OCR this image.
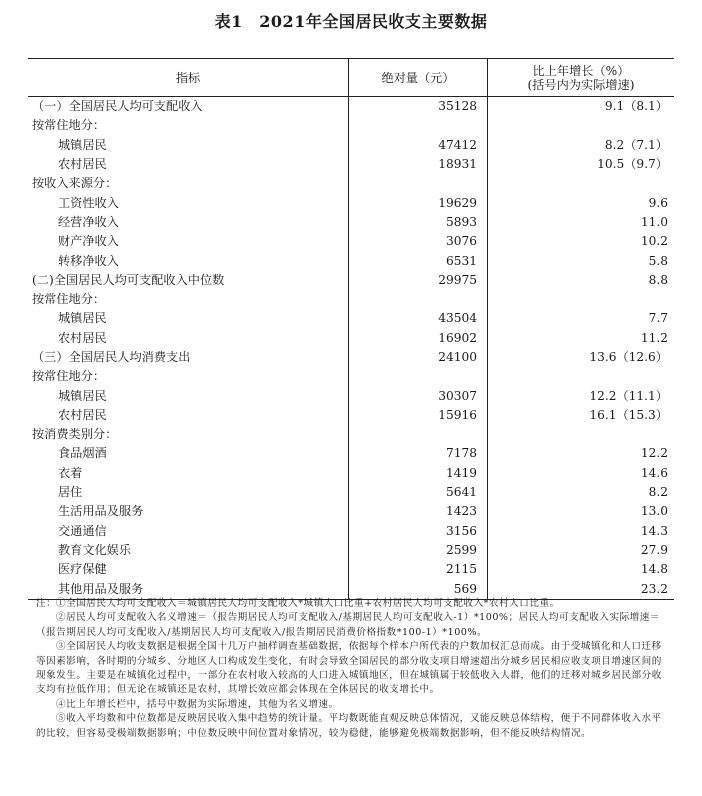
表1　2021年全国居民收支主要数据
指标	绝对量（元）	比上年增长（%）
(括号内为实际增速)

（一）全国居民人均可支配收入	35128	9.1（8.1）
按常住地分：		
城镇居民	47412	8.2（7.1）
农村居民	18931	10.5（9.7）
按收入来源分：		
工资性收入	19629	9.6
经营净收入	5893	11.0
财产净收入	3076	10.2
转移净收入	6531	5.8
(二)全国居民人均可支配收入中位数	29975	8.8
按常住地分：		
城镇居民	43504	7.7
农村居民	16902	11.2
（三）全国居民人均消费支出	24100	13.6（12.6）
按常住地分：		
城镇居民	30307	12.2（11.1）
农村居民	15916	16.1（15.3）
按消费类别分：		
食品烟酒	7178	12.2
衣着	1419	14.6
居住	5641	8.2
生活用品及服务	1423	13.0
交通通信	3156	14.3
教育文化娱乐	2599	27.9
医疗保健	2115	14.8
其他用品及服务	569	23.2
注：①全国居民人均可支配收入＝城镇居民人均可支配收入*城镇人口比重+农村居民人均可支配收入*农村人口比重。
②居民人均可支配收入名义增速＝（报告期居民人均可支配收入/基期居民人均可支配收入-1）*100%；居民人均可支配收入实际增速＝（报告期居民人均可支配收入/基期居民人均可支配收入/报告期居民消费价格指数*100-1）*100%。
③全国居民人均收支数据是根据全国十几万户抽样调查基础数据，依据每个样本户所代表的户数加权汇总而成。由于受城镇化和人口迁移等因素影响，各时期的分城乡、分地区人口构成发生变化，有时会导致全国居民的部分收支项目增速超出分城乡居民相应收支项目增速区间的现象发生。主要是在城镇化过程中，一部分在农村收入较高的人口进入城镇地区，但在城镇属于较低收入人群，他们的迁移对城乡居民部分收支均有拉低作用；但无论在城镇还是农村，其增长效应都会体现在全体居民的收支增长中。
④比上年增长栏中，括号中数据为实际增速，其他为名义增速。
⑤收入平均数和中位数都是反映居民收入集中趋势的统计量。平均数既能直观反映总体情况，又能反映总体结构，便于不同群体收入水平的比较，但容易受极端数据影响；中位数反映中间位置对象情况，较为稳健，能够避免极端数据影响，但不能反映结构情况。
